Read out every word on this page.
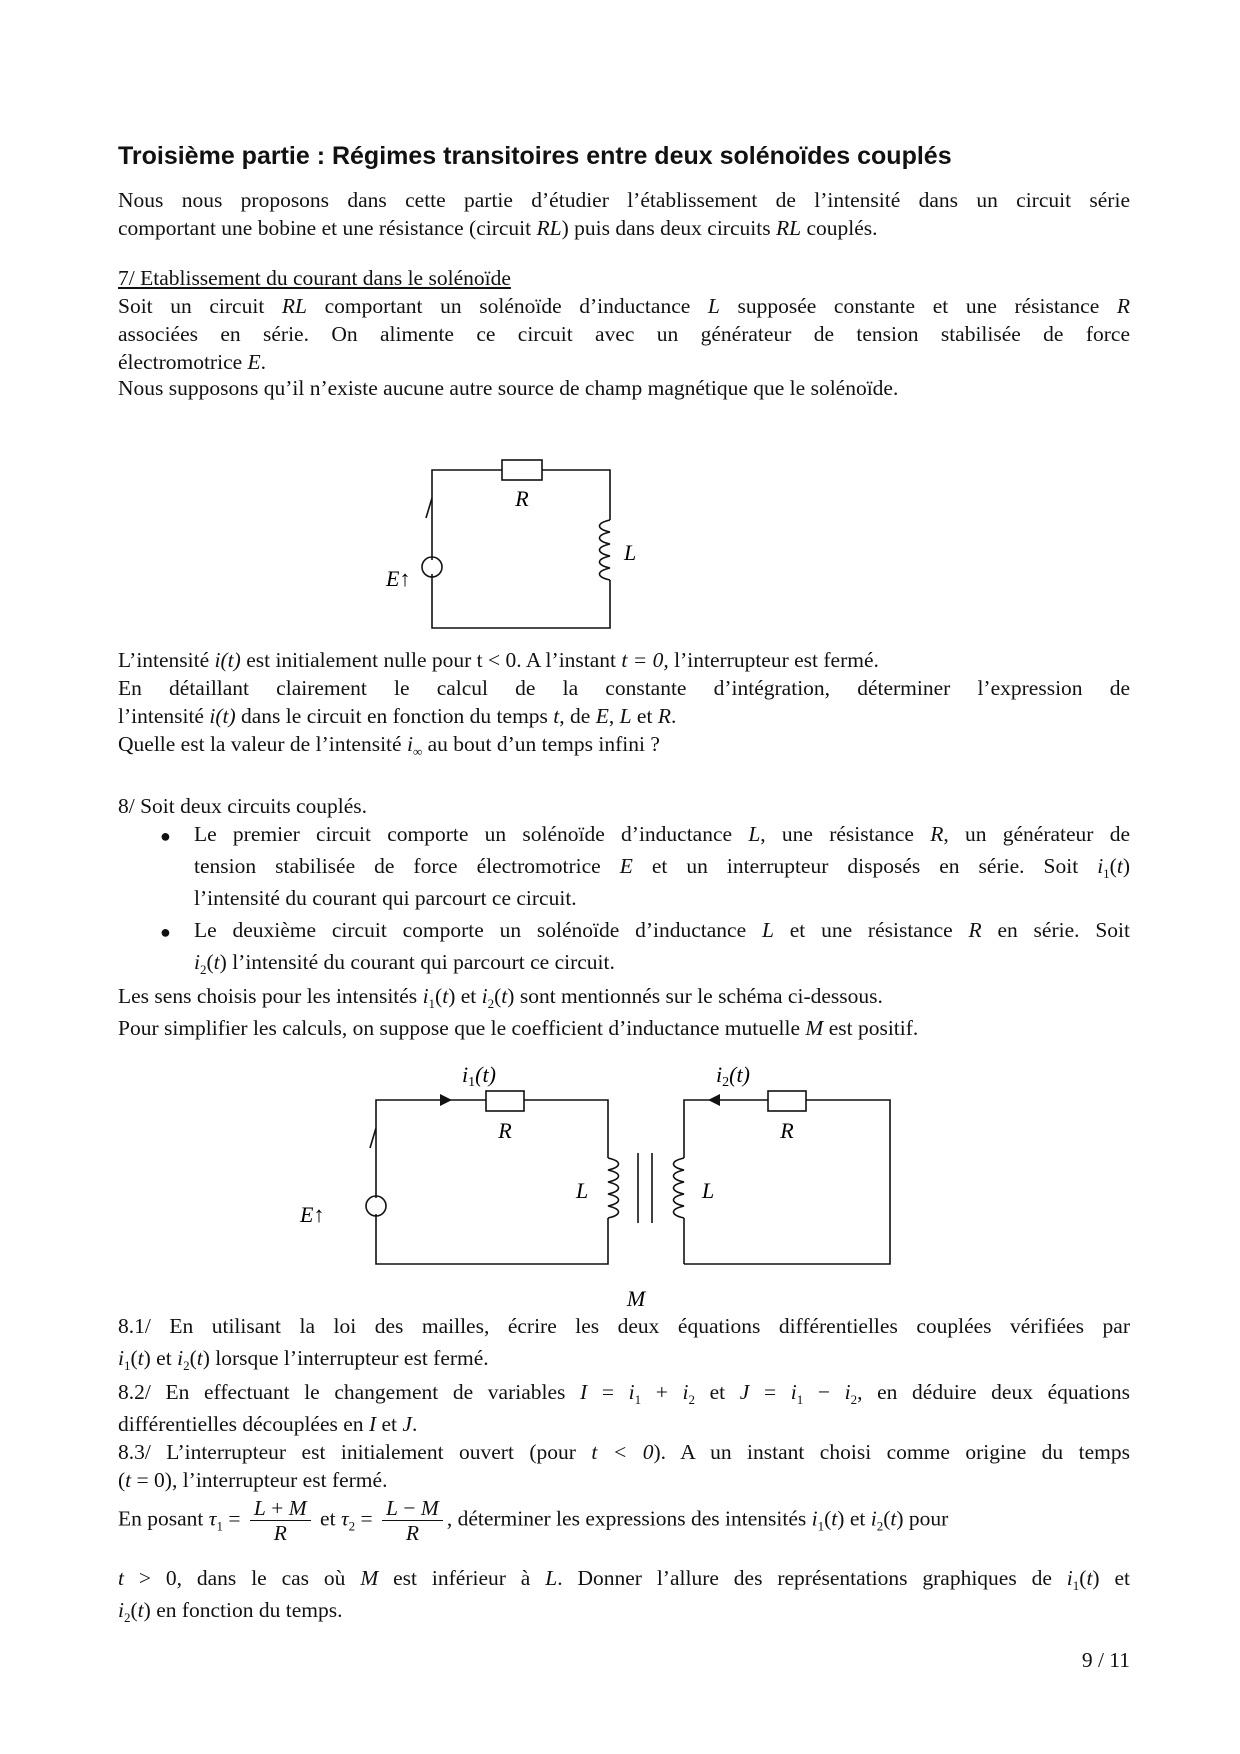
Troisième partie : Régimes transitoires entre deux solénoïdes couplés
Nous nous proposons dans cette partie d’étudier l’établissement de l’intensité dans un circuit série
comportant une bobine et une résistance (circuit RL) puis dans deux circuits RL couplés.
7/ Etablissement du courant dans le solénoïde
Soit un circuit RL comportant un solénoïde d’inductance L supposée constante et une résistance R
associées en série. On alimente ce circuit avec un générateur de tension stabilisée de force
électromotrice E.
Nous supposons qu’il n’existe aucune autre source de champ magnétique que le solénoïde.
R
L
E↑
L’intensité i(t) est initialement nulle pour t < 0. A l’instant t = 0, l’interrupteur est fermé.
En détaillant clairement le calcul de la constante d’intégration, déterminer l’expression de
l’intensité i(t) dans le circuit en fonction du temps t, de E, L et R.
Quelle est la valeur de l’intensité $i_\infty$ au bout d’un temps infini ?
8/ Soit deux circuits couplés.
● Le premier circuit comporte un solénoïde d’inductance L, une résistance R, un générateur de
tension stabilisée de force électromotrice E et un interrupteur disposés en série. Soit $i_1(t)$
l’intensité du courant qui parcourt ce circuit.
● Le deuxième circuit comporte un solénoïde d’inductance L et une résistance R en série. Soit
$i_2(t)$ l’intensité du courant qui parcourt ce circuit.
Les sens choisis pour les intensités $i_1(t)$ et $i_2(t)$ sont mentionnés sur le schéma ci-dessous.
Pour simplifier les calculs, on suppose que le coefficient d’inductance mutuelle M est positif.
i1(t)	i2(t)
R	R
L	L
E↑
M
8.1/ En utilisant la loi des mailles, écrire les deux équations différentielles couplées vérifiées par
$i_1(t)$ et $i_2(t)$ lorsque l’interrupteur est fermé.
8.2/ En effectuant le changement de variables $I = i_1 + i_2$ et $J = i_1 - i_2$, en déduire deux équations
différentielles découplées en I et J.
8.3/ L’interrupteur est initialement ouvert (pour t < 0). A un instant choisi comme origine du temps
(t = 0), l’interrupteur est fermé.
En posant $\tau_1 = \frac{L + M}{R}$ et $\tau_2 = \frac{L - M}{R}$ , déterminer les expressions des intensités $i_1(t)$ et $i_2(t)$ pour
t > 0, dans le cas où M est inférieur à L. Donner l’allure des représentations graphiques de $i_1(t)$ et
$i_2(t)$ en fonction du temps.
9 / 11
